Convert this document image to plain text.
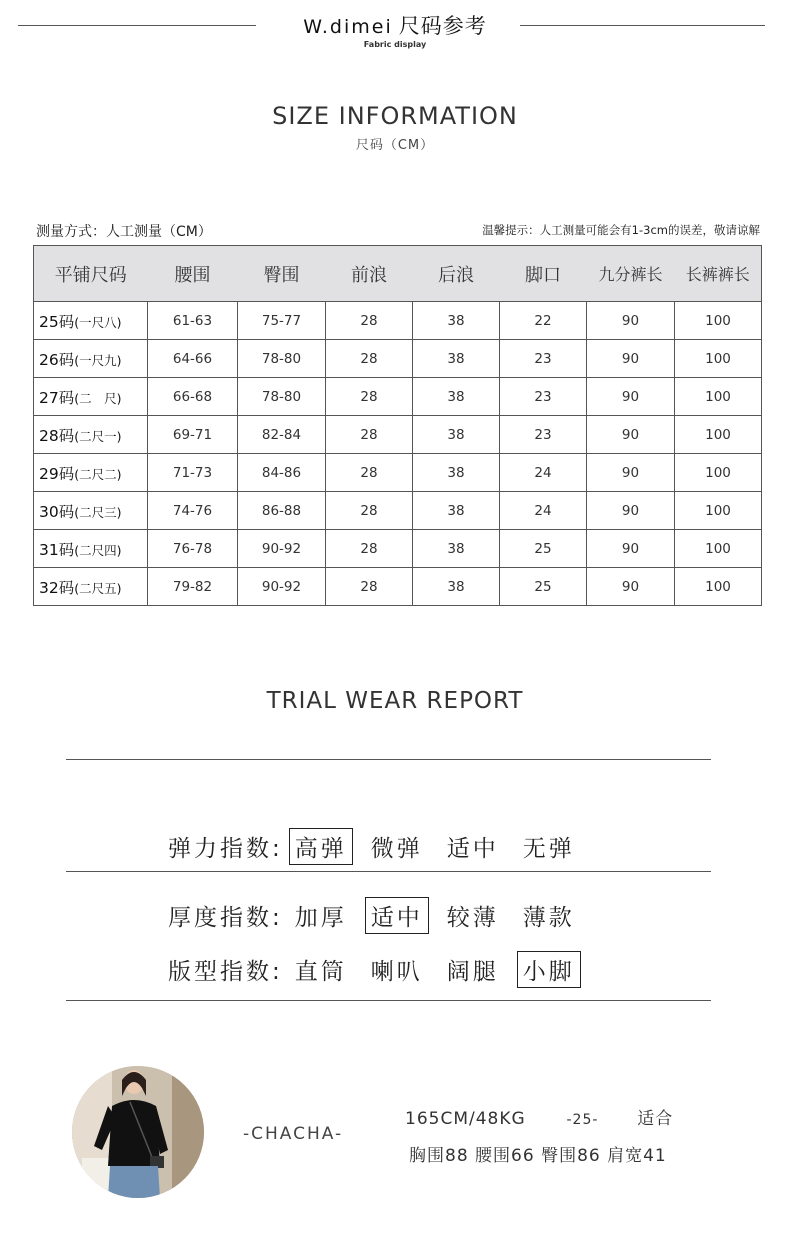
W.dimei 尺码参考
Fabric display
SIZE INFORMATION
尺码（CM）
测量方式：人工测量（CM）	温馨提示：人工测量可能会有1-3cm的误差，敬请谅解
平铺尺码	腰围	臀围	前浪	后浪	脚口	九分裤长	长裤裤长
25码(一尺八)	61-63	75-77	28	38	22	90	100
26码(一尺九)	64-66	78-80	28	38	23	90	100
27码(二　尺)	66-68	78-80	28	38	23	90	100
28码(二尺一)	69-71	82-84	28	38	23	90	100
29码(二尺二)	71-73	84-86	28	38	24	90	100
30码(二尺三)	74-76	86-88	28	38	24	90	100
31码(二尺四)	76-78	90-92	28	38	25	90	100
32码(二尺五)	79-82	90-92	28	38	25	90	100
TRIAL WEAR REPORT
弹力指数: 高弹 微弹 适中 无弹
厚度指数: 加厚 适中 较薄 薄款
版型指数: 直筒 喇叭 阔腿 小脚
-CHACHA-
165CM/48KG	-25- 适合
胸围88 腰围66 臀围86 肩宽41
